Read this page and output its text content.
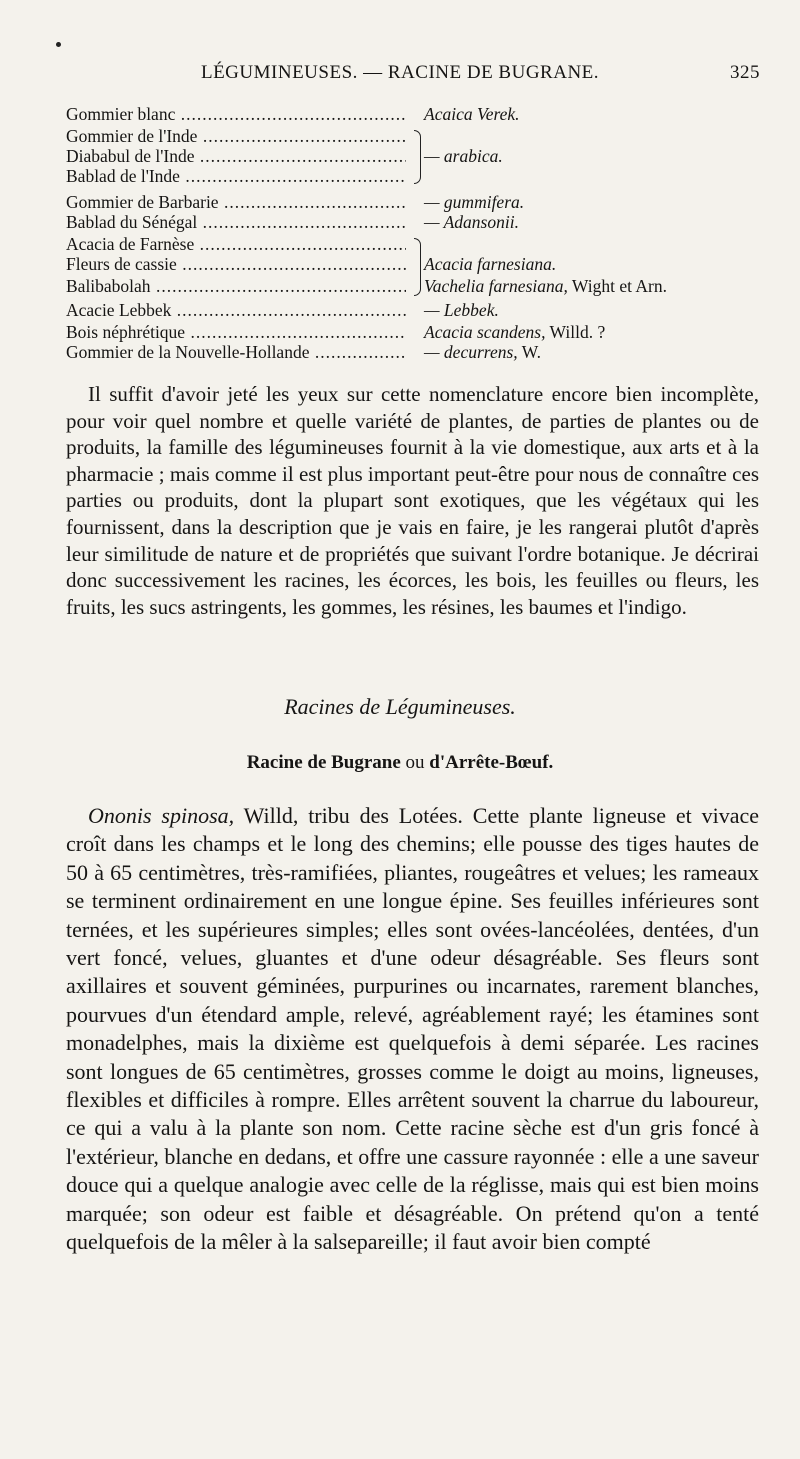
LÉGUMINEUSES. — RACINE DE BUGRANE.	325
Gommier blanc .....	Acaica Verek.
Gommier de l'Inde .....
Diababul de l'Inde .....	— arabica.
Bablad de l'Inde .....
Gommier de Barbarie .....	— gummifera.
Bablad du Sénégal .....	— Adansonii.
Acacia de Farnèse .....
Fleurs de cassie .....	Acacia farnesiana.
Balibabolah .....	Vachelia farnesiana, Wight et Arn.
Acacie Lebbek .....	— Lebbek.
Bois néphrétique .....	Acacia scandens, Willd. ?
Gommier de la Nouvelle-Hollande .....	— decurrens, W.

Il suffit d'avoir jeté les yeux sur cette nomenclature encore bien incomplète, pour voir quel nombre et quelle variété de plantes, de parties de plantes ou de produits, la famille des légumineuses fournit à la vie domestique, aux arts et à la pharmacie ; mais comme il est plus important peut-être pour nous de connaître ces parties ou produits, dont la plupart sont exotiques, que les végétaux qui les fournissent, dans la description que je vais en faire, je les rangerai plutôt d'après leur similitude de nature et de propriétés que suivant l'ordre botanique. Je décrirai donc successivement les racines, les écorces, les bois, les feuilles ou fleurs, les fruits, les sucs astringents, les gommes, les résines, les baumes et l'indigo.

Racines de Légumineuses.
Racine de Bugrane ou d'Arrête-Bœuf.

Ononis spinosa, Willd, tribu des Lotées. Cette plante ligneuse et vivace croît dans les champs et le long des chemins; elle pousse des tiges hautes de 50 à 65 centimètres, très-ramifiées, pliantes, rougeâtres et velues; les rameaux se terminent ordinairement en une longue épine. Ses feuilles inférieures sont ternées, et les supérieures simples; elles sont ovées-lancéolées, dentées, d'un vert foncé, velues, gluantes et d'une odeur désagréable. Ses fleurs sont axillaires et souvent géminées, purpurines ou incarnates, rarement blanches, pourvues d'un étendard ample, relevé, agréablement rayé; les étamines sont monadelphes, mais la dixième est quelquefois à demi séparée. Les racines sont longues de 65 centimètres, grosses comme le doigt au moins, ligneuses, flexibles et difficiles à rompre. Elles arrêtent souvent la charrue du laboureur, ce qui a valu à la plante son nom. Cette racine sèche est d'un gris foncé à l'extérieur, blanche en dedans, et offre une cassure rayonnée : elle a une saveur douce qui a quelque analogie avec celle de la réglisse, mais qui est bien moins marquée; son odeur est faible et désagréable. On prétend qu'on a tenté quelquefois de la mêler à la salsepareille; il faut avoir bien compté
